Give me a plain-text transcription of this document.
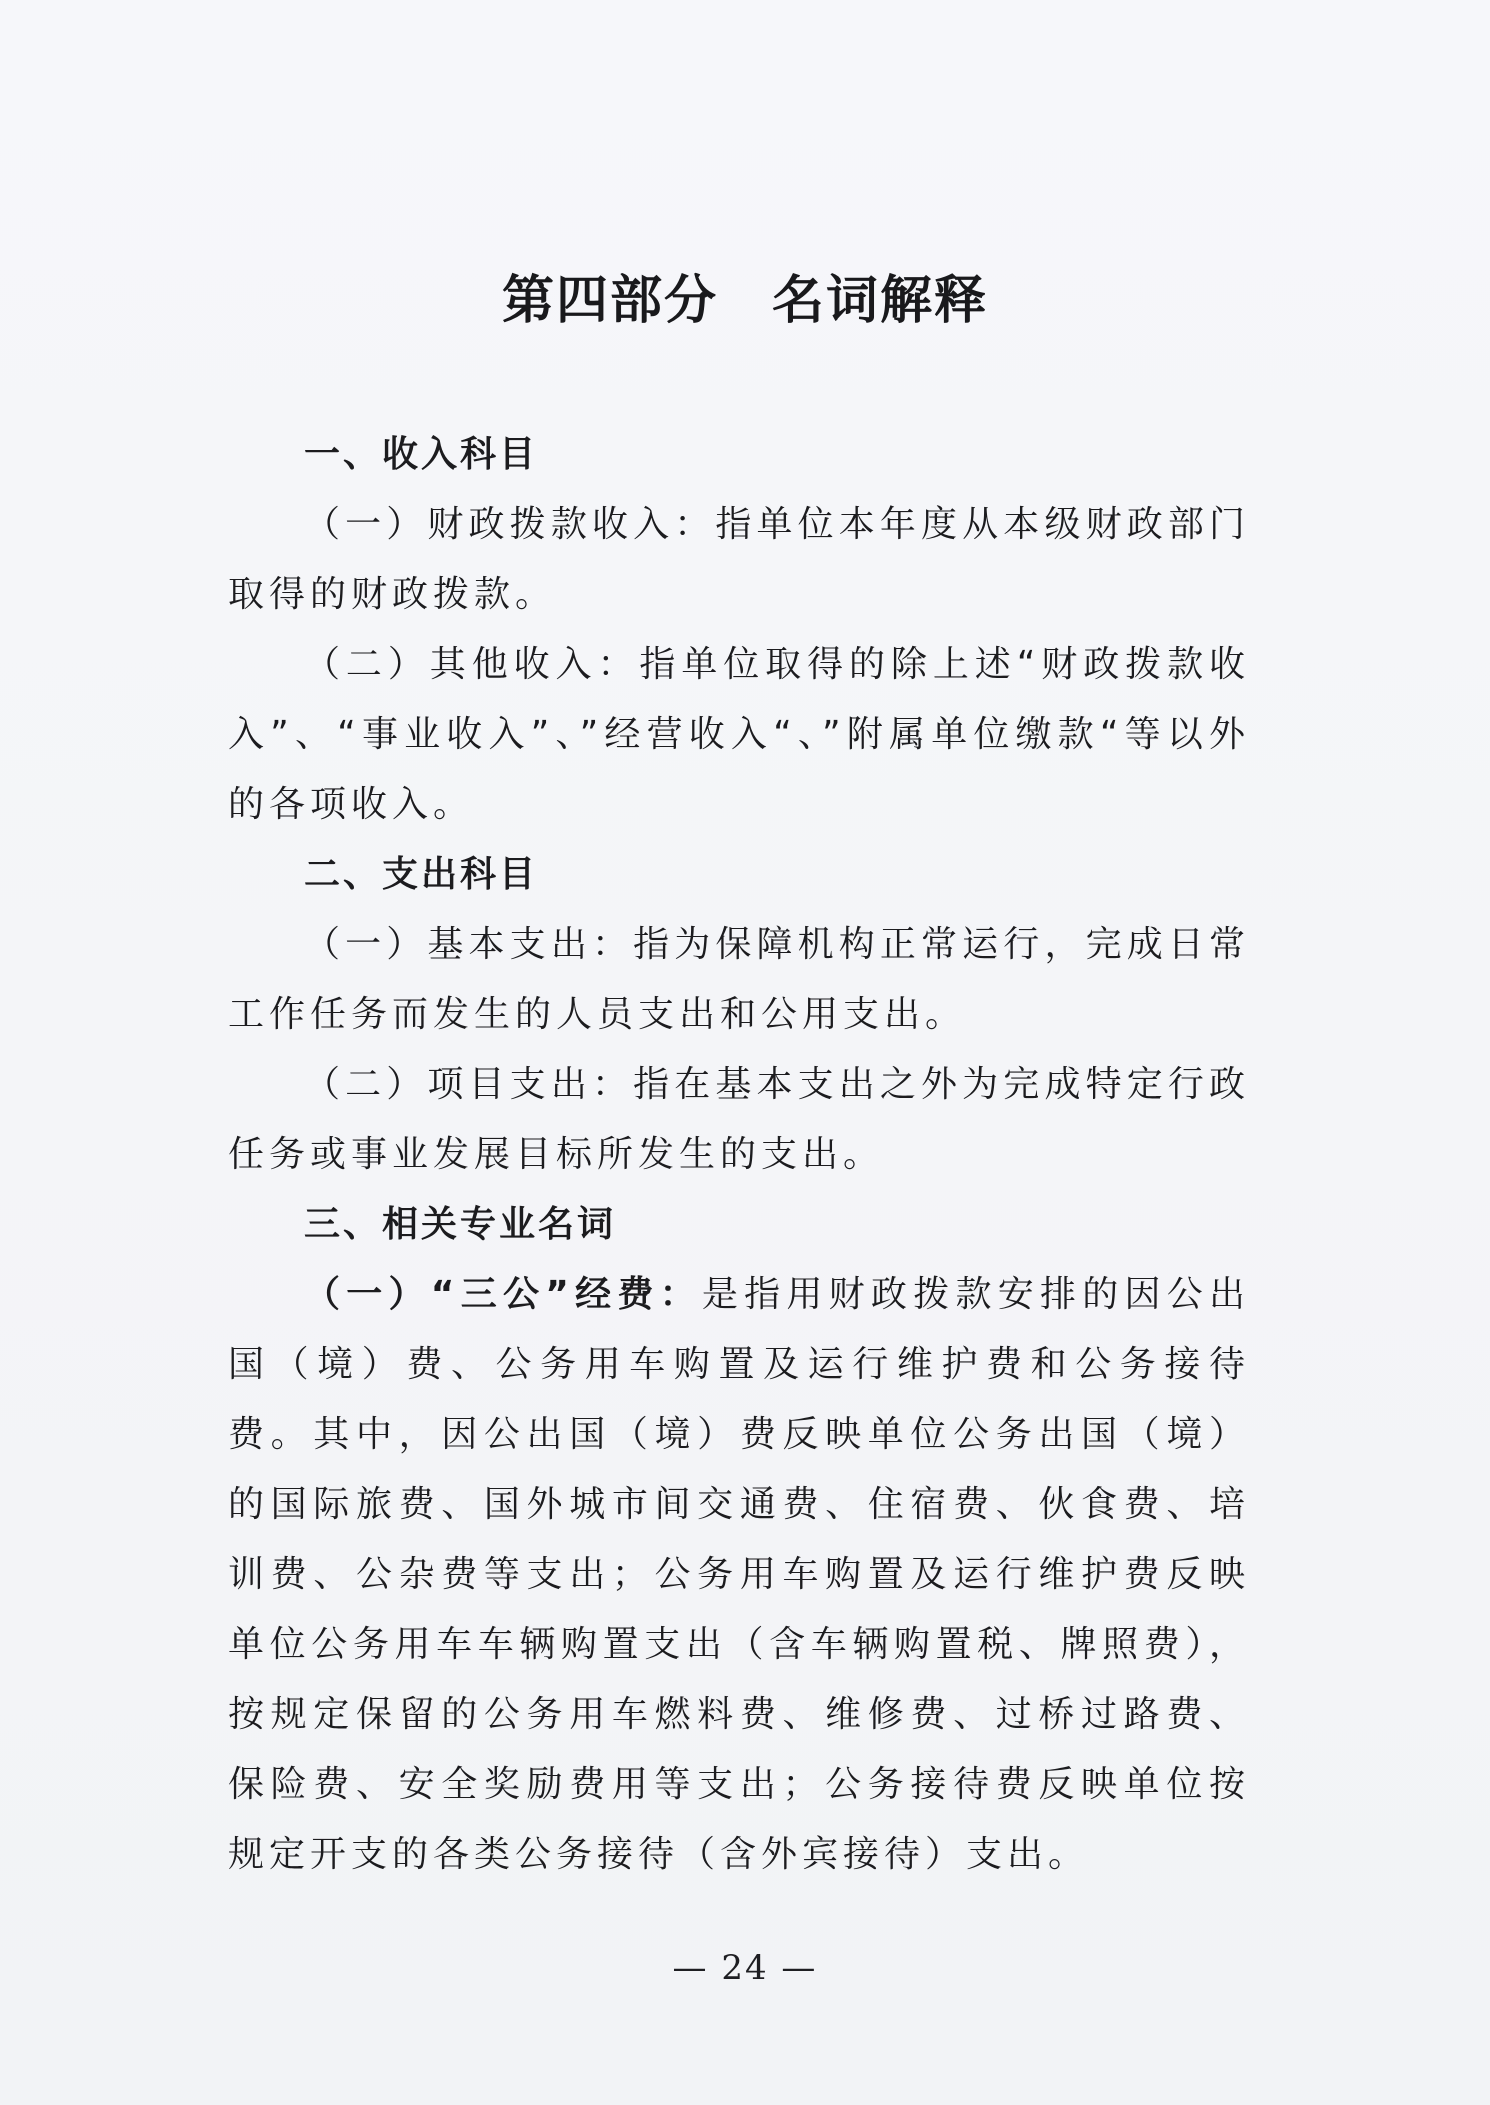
第四部分　名词解释

一、收入科目

（一）财政拨款收入：指单位本年度从本级财政部门取得的财政拨款。

（二）其他收入：指单位取得的除上述“财政拨款收入”、“事业收入”、”经营收入“、”附属单位缴款“等以外的各项收入。

二、支出科目

（一）基本支出：指为保障机构正常运行，完成日常工作任务而发生的人员支出和公用支出。

（二）项目支出：指在基本支出之外为完成特定行政任务或事业发展目标所发生的支出。

三、相关专业名词

（一）“三公”经费：是指用财政拨款安排的因公出国（境）费、公务用车购置及运行维护费和公务接待费。其中，因公出国（境）费反映单位公务出国（境）的国际旅费、国外城市间交通费、住宿费、伙食费、培训费、公杂费等支出；公务用车购置及运行维护费反映单位公务用车车辆购置支出（含车辆购置税、牌照费），按规定保留的公务用车燃料费、维修费、过桥过路费、保险费、安全奖励费用等支出；公务接待费反映单位按规定开支的各类公务接待（含外宾接待）支出。

— 24 —
